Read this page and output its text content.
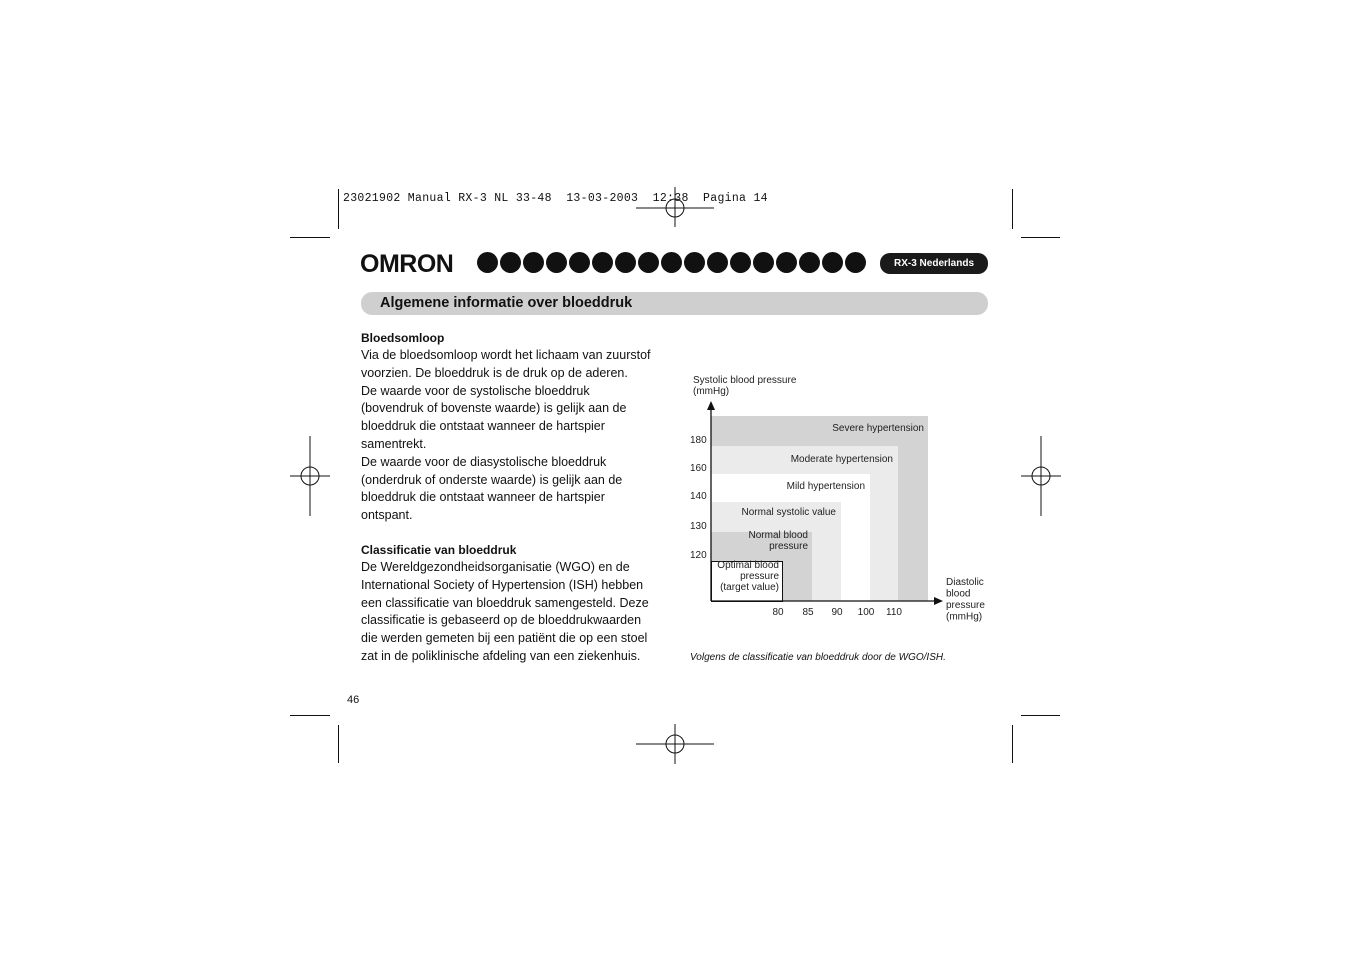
23021902 Manual RX-3 NL 33-48  13-03-2003  12:38  Pagina 14
OMRON	RX-3 Nederlands
Algemene informatie over bloeddruk
Bloedsomloop
Via de bloedsomloop wordt het lichaam van zuurstof
voorzien. De bloeddruk is de druk op de aderen.
De waarde voor de systolische bloeddruk
(bovendruk of bovenste waarde) is gelijk aan de
bloeddruk die ontstaat wanneer de hartspier
samentrekt.
De waarde voor de diasystolische bloeddruk
(onderdruk of onderste waarde) is gelijk aan de
bloeddruk die ontstaat wanneer de hartspier
ontspant.
Classificatie van bloeddruk
De Wereldgezondheidsorganisatie (WGO) en de
International Society of Hypertension (ISH) hebben
een classificatie van bloeddruk samengesteld. Deze
classificatie is gebaseerd op de bloeddrukwaarden
die werden gemeten bij een patiënt die op een stoel
zat in de poliklinische afdeling van een ziekenhuis.
Severe hypertension
Moderate hypertension
Mild hypertension
Normal systolic value
Normal blood pressure
Optimal blood pressure (target value)
80 85 90 100 110
120
130
140
160
180
Systolic blood pressure (mmHg)
Diastolic blood pressure (mmHg)
Volgens de classificatie van bloeddruk door de WGO/ISH.
46
